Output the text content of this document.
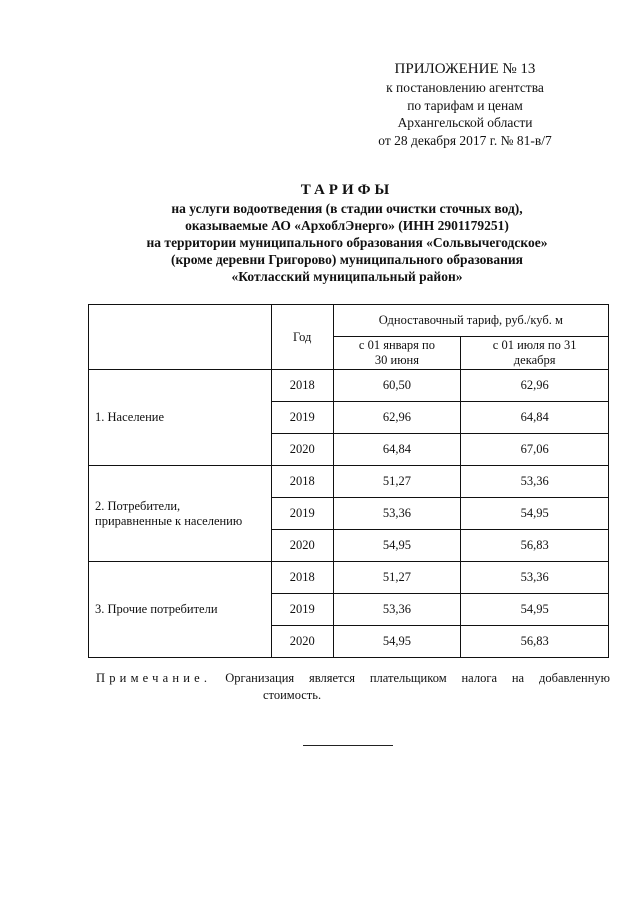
ПРИЛОЖЕНИЕ № 13
к постановлению агентства
по тарифам и ценам
Архангельской области
от 28 декабря 2017 г. № 81-в/7
ТАРИФЫ
на услуги водоотведения (в стадии очистки сточных вод),
оказываемые АО «АрхоблЭнерго» (ИНН 2901179251)
на территории муниципального образования «Сольвычегодское»
(кроме деревни Григорово) муниципального образования
«Котласский муниципальный район»
	Год	Одноставочный тариф, руб./куб. м	

		с 01 января по 30 июня	с 01 июля по 31 декабря

1. Население	2018	60,50	62,96
	2019	62,96	64,84
	2020	64,84	67,06

2. Потребители, приравненные к населению	2018	51,27	53,36
	2019	53,36	54,95
	2020	54,95	56,83
3. Прочие потребители	2018	51,27	53,36
	2019	53,36	54,95
	2020	54,95	56,83
Примечание. Организация является плательщиком налога на добавленную
стоимость.
